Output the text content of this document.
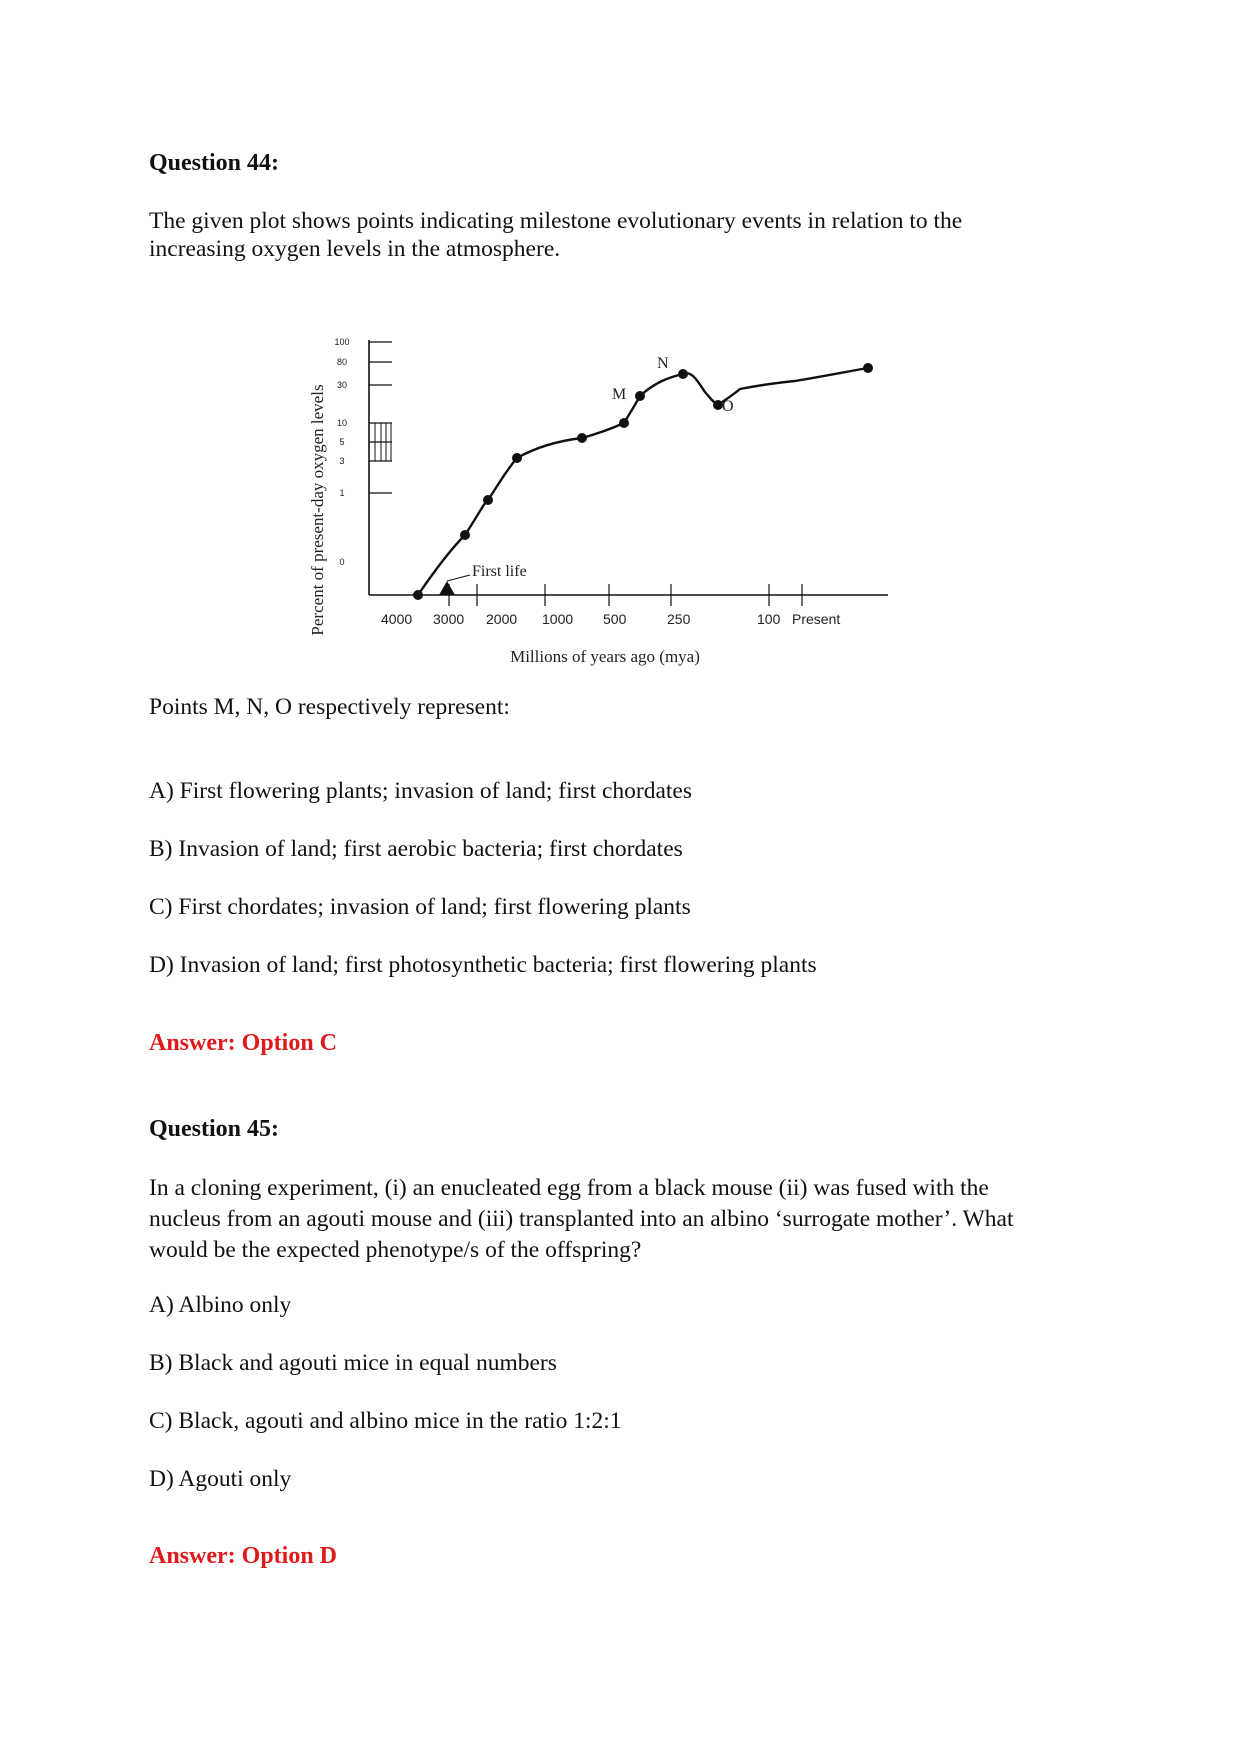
Question 44:
The given plot shows points indicating milestone evolutionary events in relation to the
increasing oxygen levels in the atmosphere.
Percent of present-day oxygen levels
100
80
30
10
5
3
1
0
4000 3000 2000 1000 500	250	100 Present
First life
M
N
O
Millions of years ago (mya)
Points M, N, O respectively represent:
A) First flowering plants; invasion of land; first chordates
B) Invasion of land; first aerobic bacteria; first chordates
C) First chordates; invasion of land; first flowering plants
D) Invasion of land; first photosynthetic bacteria; first flowering plants
Answer: Option C
Question 45:
In a cloning experiment, (i) an enucleated egg from a black mouse (ii) was fused with the
nucleus from an agouti mouse and (iii) transplanted into an albino ‘surrogate mother’. What
would be the expected phenotype/s of the offspring?
A) Albino only
B) Black and agouti mice in equal numbers
C) Black, agouti and albino mice in the ratio 1:2:1
D) Agouti only
Answer: Option D
